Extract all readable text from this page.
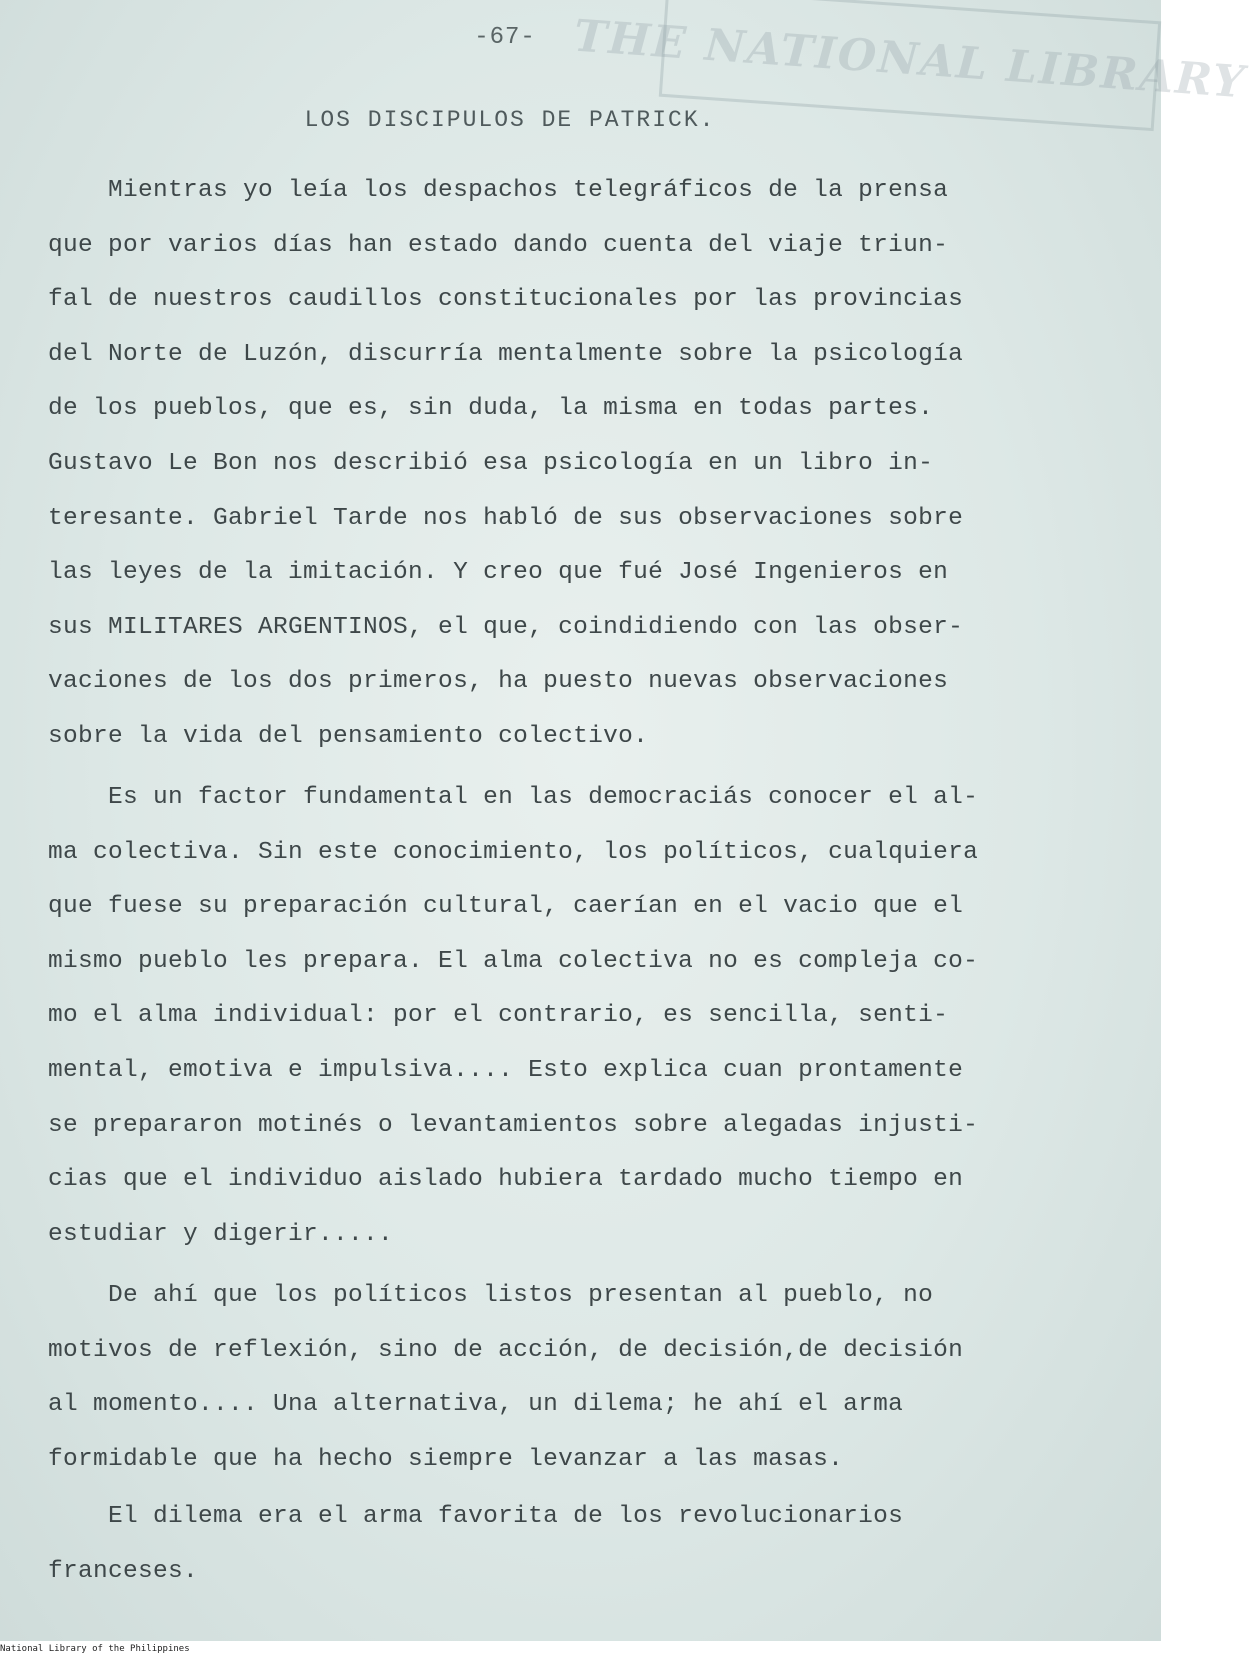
THE NATIONAL LIBRARY
-67-
LOS DISCIPULOS DE PATRICK.

Mientras yo leía los despachos telegráficos de la prensa
que por varios días han estado dando cuenta del viaje triun-
fal de nuestros caudillos constitucionales por las provincias
del Norte de Luzón, discurría mentalmente sobre la psicología
de los pueblos, que es, sin duda, la misma en todas partes.
Gustavo Le Bon nos describió esa psicología en un libro in-
teresante. Gabriel Tarde nos habló de sus observaciones sobre
las leyes de la imitación. Y creo que fué José Ingenieros en
sus MILITARES ARGENTINOS, el que, coindidiendo con las obser-
vaciones de los dos primeros, ha puesto nuevas observaciones
sobre la vida del pensamiento colectivo.

Es un factor fundamental en las democraciás conocer el al-
ma colectiva. Sin este conocimiento, los políticos, cualquiera
que fuese su preparación cultural, caerían en el vacio que el
mismo pueblo les prepara. El alma colectiva no es compleja co-
mo el alma individual: por el contrario, es sencilla, senti-
mental, emotiva e impulsiva.... Esto explica cuan prontamente
se prepararon motinés o levantamientos sobre alegadas injusti-
cias que el individuo aislado hubiera tardado mucho tiempo en
estudiar y digerir.....

De ahí que los políticos listos presentan al pueblo, no
motivos de reflexión, sino de acción, de decisión,de decisión
al momento.... Una alternativa, un dilema; he ahí el arma
formidable que ha hecho siempre levanzar a las masas.

El dilema era el arma favorita de los revolucionarios
franceses.

National Library of the Philippines
